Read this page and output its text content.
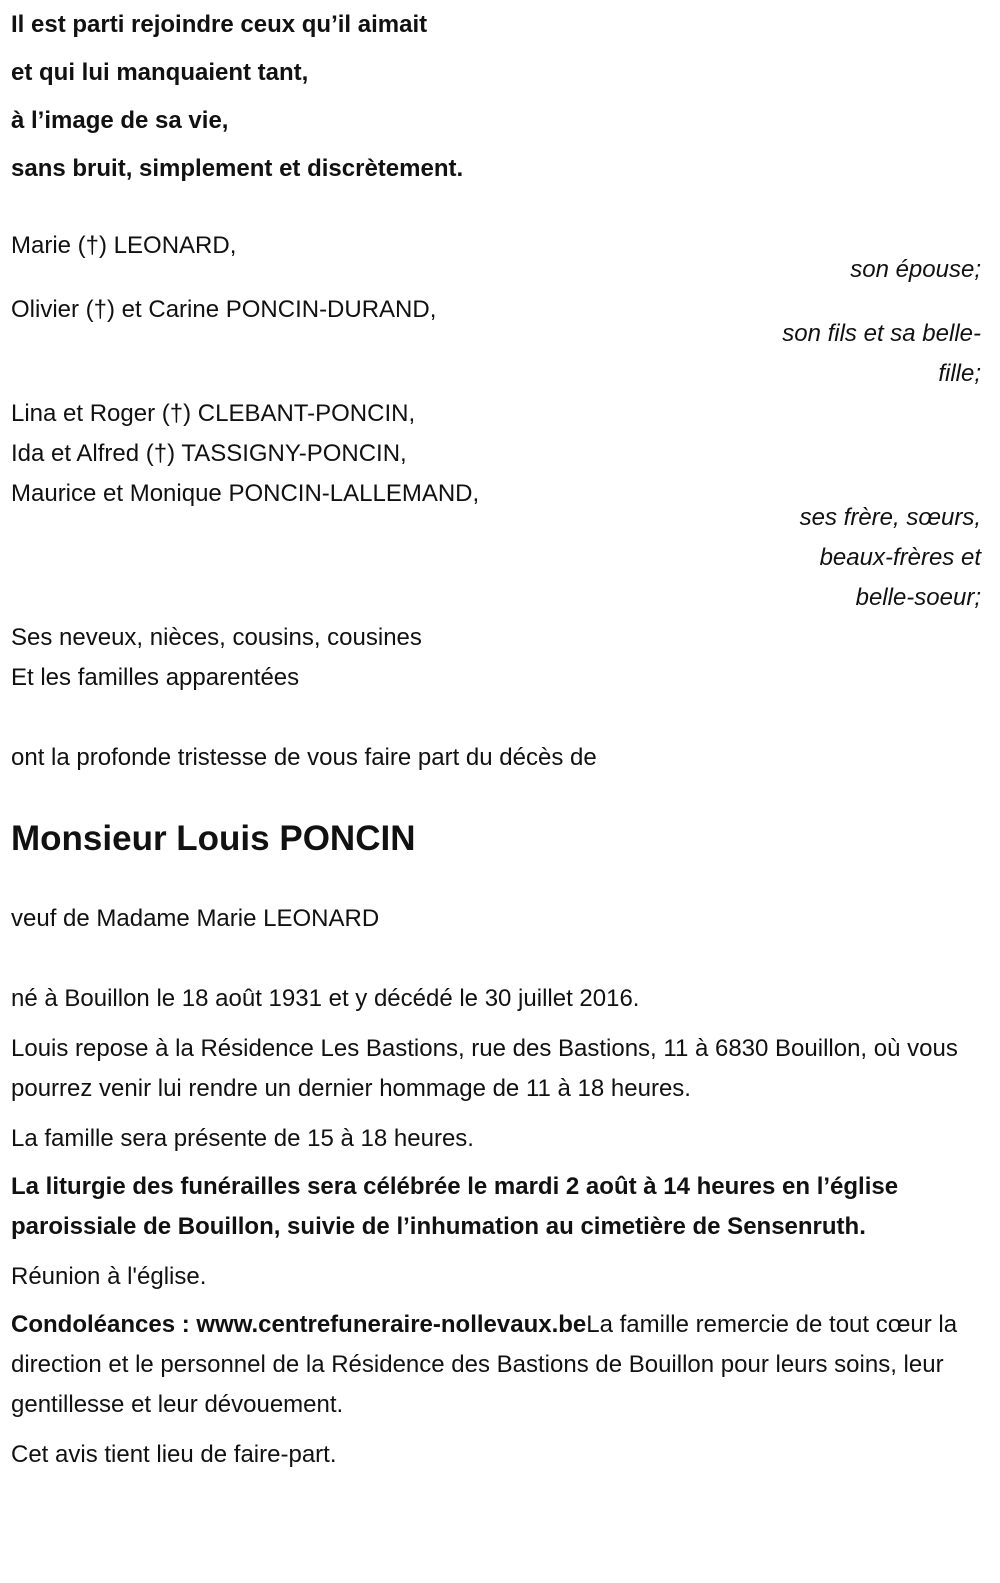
Il est parti rejoindre ceux qu’il aimait
et qui lui manquaient tant,
à l’image de sa vie,
sans bruit, simplement et discrètement.
Marie (†) LEONARD,
son épouse;
Olivier (†) et Carine PONCIN-DURAND,
son fils et sa belle-fille;
Lina et Roger (†) CLEBANT-PONCIN,
Ida et Alfred (†) TASSIGNY-PONCIN,
Maurice et Monique PONCIN-LALLEMAND,
ses frère, sœurs, beaux-frères et belle-soeur;
Ses neveux, nièces, cousins, cousines
Et les familles apparentées

ont la profonde tristesse de vous faire part du décès de

Monsieur Louis PONCIN

veuf de Madame Marie LEONARD

né à Bouillon le 18 août 1931 et y décédé le 30 juillet 2016.

Louis repose à la Résidence Les Bastions, rue des Bastions, 11 à 6830 Bouillon, où vous pourrez venir lui rendre un dernier hommage de 11 à 18 heures.

La famille sera présente de 15 à 18 heures.

La liturgie des funérailles sera célébrée le mardi 2 août à 14 heures en l’église paroissiale de Bouillon, suivie de l’inhumation au cimetière de Sensenruth.

Réunion à l'église.

Condoléances : www.centrefuneraire-nollevaux.beLa famille remercie de tout cœur la direction et le personnel de la Résidence des Bastions de Bouillon pour leurs soins, leur gentillesse et leur dévouement.

Cet avis tient lieu de faire-part.
